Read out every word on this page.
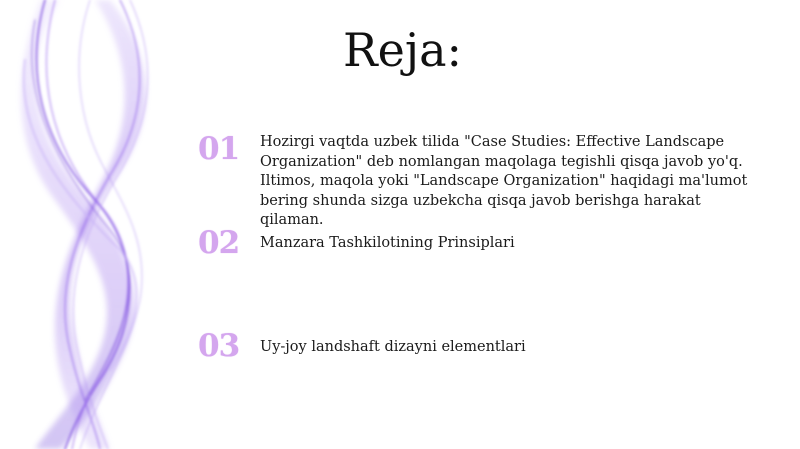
Reja:
01	Hozirgi vaqtda uzbek tilida "Case Studies: Effective Landscape Organization" deb nomlangan maqolaga tegishli qisqa javob yo'q. Iltimos, maqola yoki "Landscape Organization" haqidagi ma'lumot bering shunda sizga uzbekcha qisqa javob berishga harakat qilaman.
02	Manzara Tashkilotining Prinsiplari
03	Uy-joy landshaft dizayni elementlari
